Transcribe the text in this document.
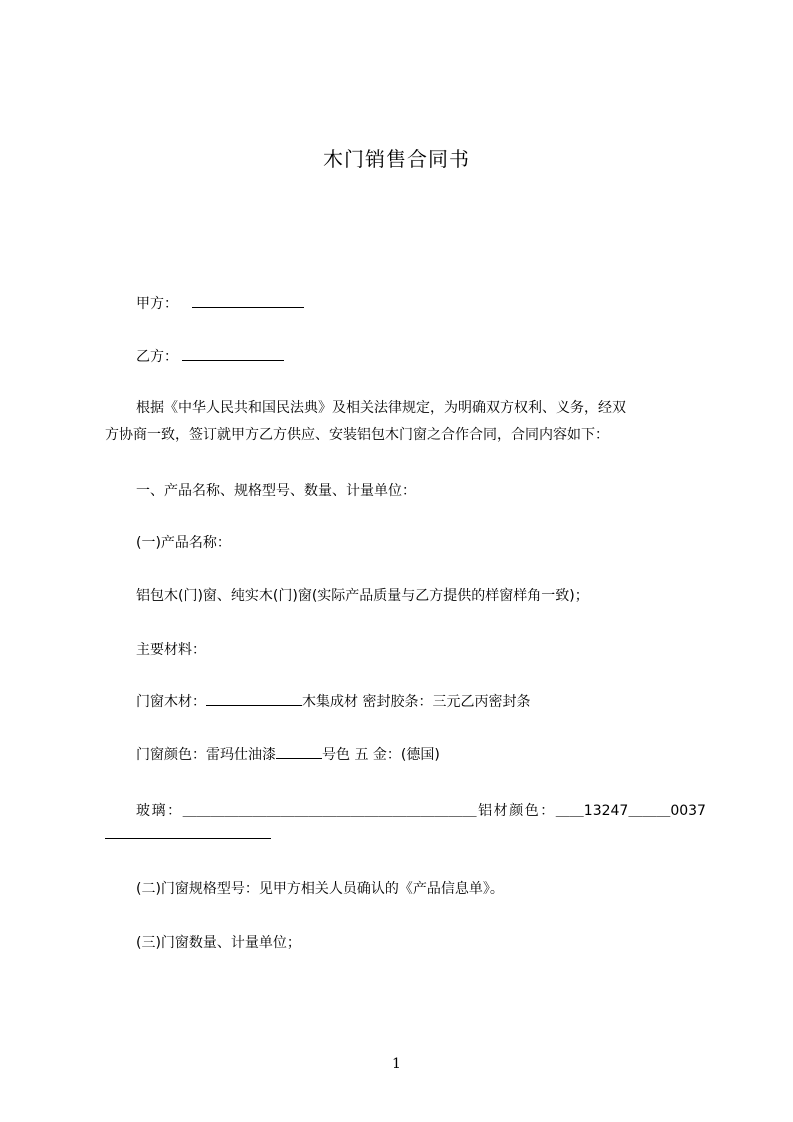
木门销售合同书
甲方：
乙方：
根据《中华人民共和国民法典》及相关法律规定，为明确双方权利、义务，经双
方协商一致，签订就甲方乙方供应、安装铝包木门窗之合作合同，合同内容如下：
一、产品名称、规格型号、数量、计量单位：
(一)产品名称：
铝包木(门)窗、纯实木(门)窗(实际产品质量与乙方提供的样窗样角一致)；
主要材料：
门窗木材：	木集成材 密封胶条：三元乙丙密封条
门窗颜色：雷玛仕油漆	号色 五 金：(德国)
玻 璃 ： ＿＿＿＿＿＿＿＿＿＿＿＿＿＿＿＿＿＿＿＿＿ 铝 材 颜 色 ： ＿＿13247＿＿＿0037
(二)门窗规格型号：见甲方相关人员确认的《产品信息单》。
(三)门窗数量、计量单位；
1
